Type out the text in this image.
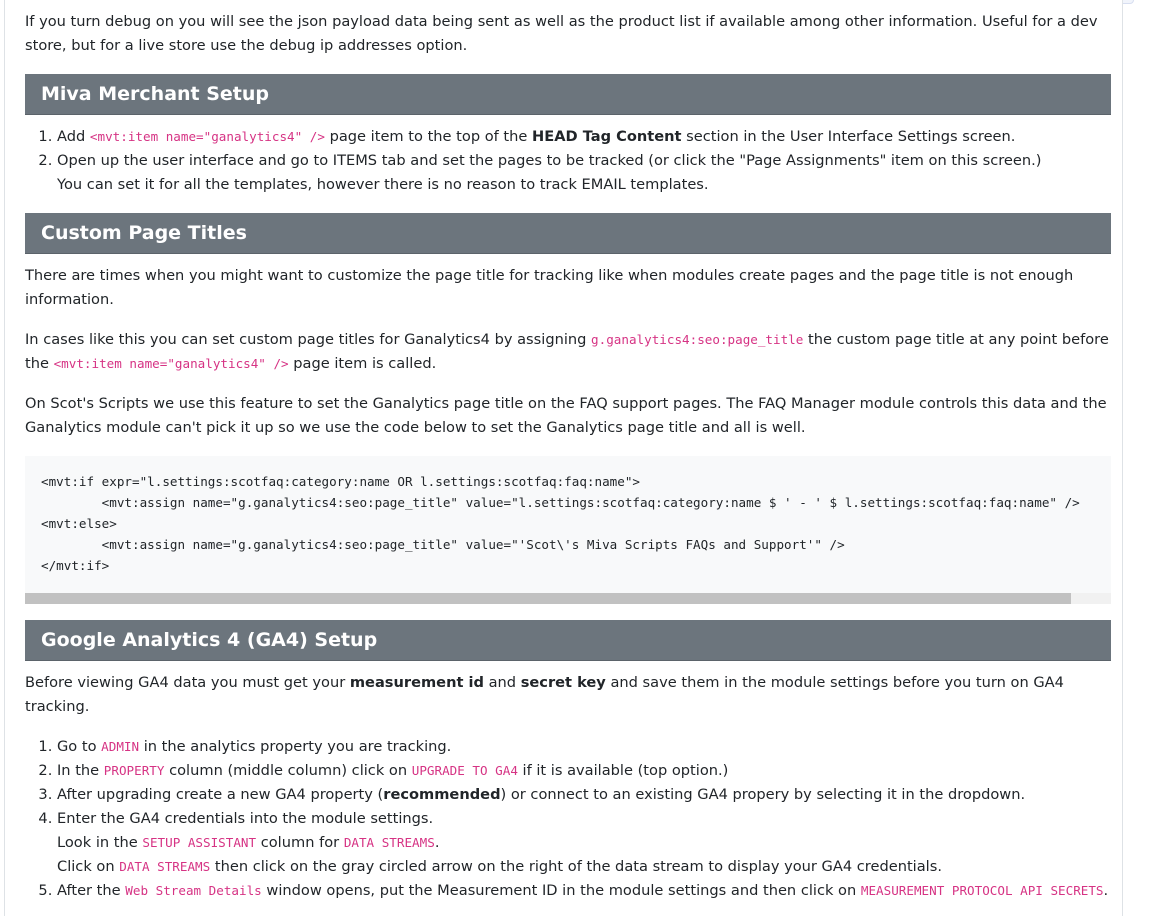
If you turn debug on you will see the json payload data being sent as well as the product list if available among other information. Useful for a dev store, but for a live store use the debug ip addresses option.

Miva Merchant Setup
1. Add <mvt:item name="ganalytics4" /> page item to the top of the HEAD Tag Content section in the User Interface Settings screen.
2. Open up the user interface and go to ITEMS tab and set the pages to be tracked (or click the "Page Assignments" item on this screen.)
You can set it for all the templates, however there is no reason to track EMAIL templates.
Custom Page Titles

There are times when you might want to customize the page title for tracking like when modules create pages and the page title is not enough information.

In cases like this you can set custom page titles for Ganalytics4 by assigning g.ganalytics4:seo:page_title the custom page title at any point before the <mvt:item name="ganalytics4" /> page item is called.

On Scot's Scripts we use this feature to set the Ganalytics page title on the FAQ support pages. The FAQ Manager module controls this data and the Ganalytics module can't pick it up so we use the code below to set the Ganalytics page title and all is well.

<mvt:if expr="l.settings:scotfaq:category:name OR l.settings:scotfaq:faq:name">
<mvt:assign name="g.ganalytics4:seo:page_title" value="l.settings:scotfaq:category:name $ ' - ' $ l.settings:scotfaq:faq:name" />
<mvt:else>
<mvt:assign name="g.ganalytics4:seo:page_title" value="'Scot\'s Miva Scripts FAQs and Support'" />
</mvt:if>
Google Analytics 4 (GA4) Setup

Before viewing GA4 data you must get your measurement id and secret key and save them in the module settings before you turn on GA4 tracking.

1. Go to ADMIN in the analytics property you are tracking.
2. In the PROPERTY column (middle column) click on UPGRADE TO GA4 if it is available (top option.)
3. After upgrading create a new GA4 property (recommended) or connect to an existing GA4 propery by selecting it in the dropdown.
4. Enter the GA4 credentials into the module settings.
Look in the SETUP ASSISTANT column for DATA STREAMS.
Click on DATA STREAMS then click on the gray circled arrow on the right of the data stream to display your GA4 credentials.
5. After the Web Stream Details window opens, put the Measurement ID in the module settings and then click on MEASUREMENT PROTOCOL API SECRETS.
